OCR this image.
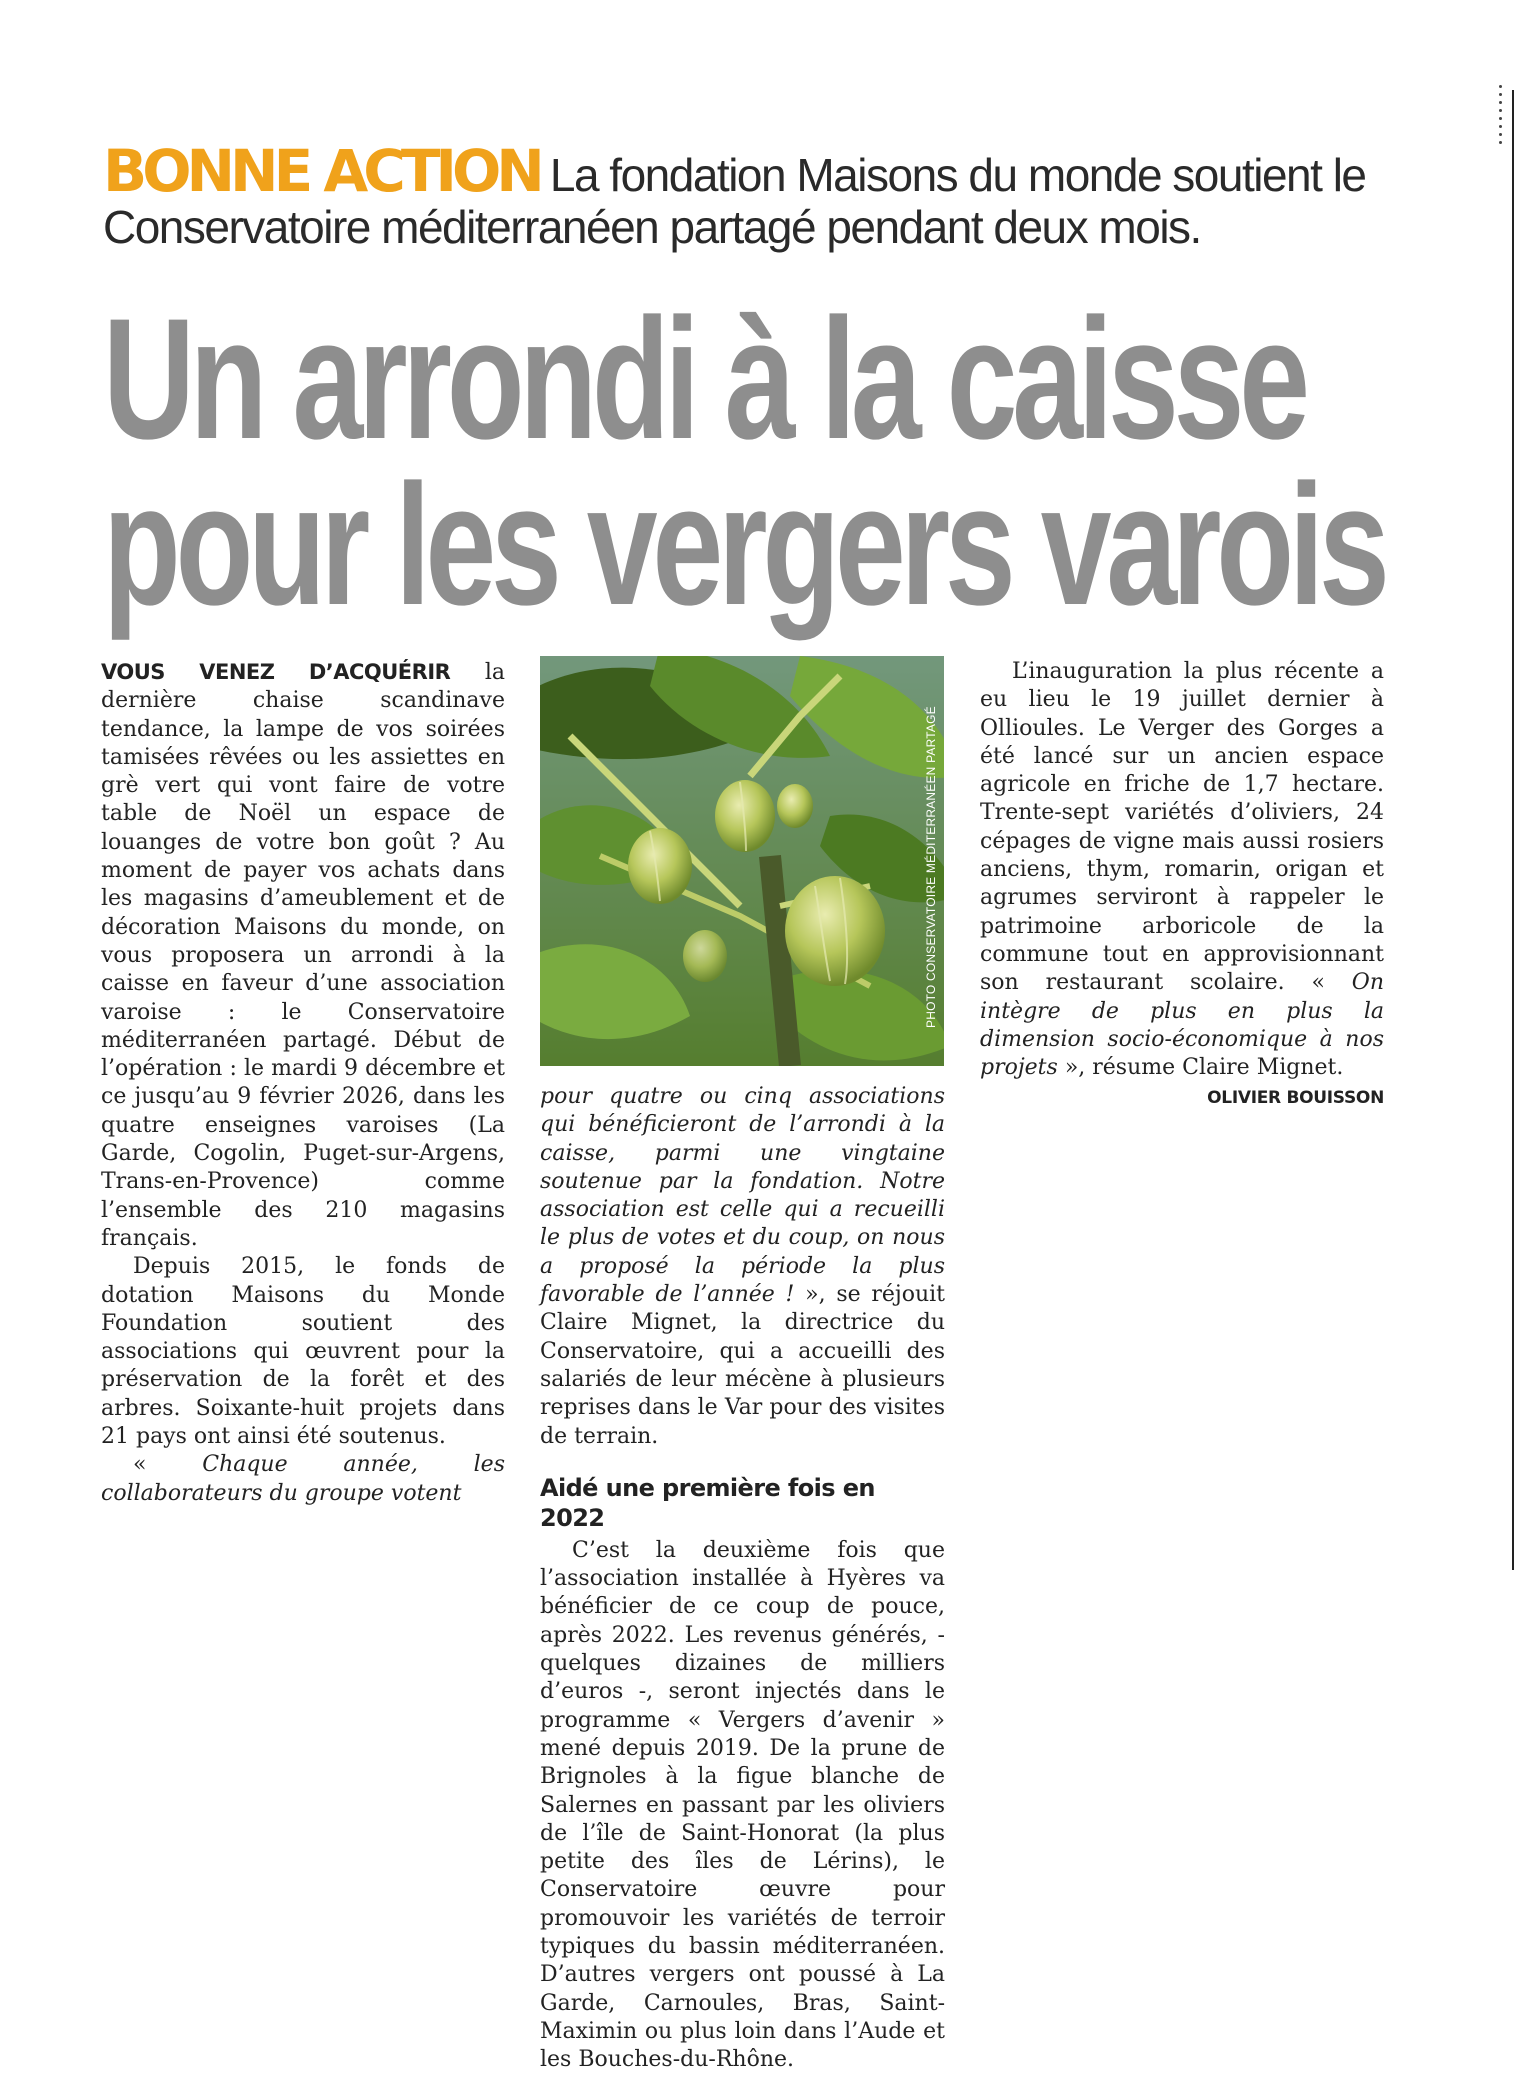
BONNE ACTION La fondation Maisons du monde soutient le Conservatoire méditerranéen partagé pendant deux mois.
Un arrondi à la caisse
pour les vergers varois
PHOTO CONSERVATOIRE MÉDITERRANÉEN PARTAGÉ

VOUS VENEZ D’ACQUÉRIR la dernière chaise scandinave tendance, la lampe de vos soirées tamisées rêvées ou les assiettes en grè vert qui vont faire de votre table de Noël un espace de louanges de votre bon goût ? Au moment de payer vos achats dans les magasins d’ameublement et de décoration Maisons du monde, on vous proposera un arrondi à la caisse en faveur d’une association varoise : le Conservatoire méditerranéen partagé. Début de l’opération : le mardi 9 décembre et ce jusqu’au 9 février 2026, dans les quatre enseignes varoises (La Garde, Cogolin, Puget-sur-Argens, Trans-en-Provence) comme l’ensemble des 210 magasins français.

Depuis 2015, le fonds de dotation Maisons du Monde Foundation soutient des associations qui œuvrent pour la préservation de la forêt et des arbres. Soixante-huit projets dans 21 pays ont ainsi été soutenus.

« Chaque année, les collaborateurs du groupe votent

L’inauguration la plus récente a eu lieu le 19 juillet dernier à Ollioules. Le Verger des Gorges a été lancé sur un ancien espace agricole en friche de 1,7 hectare. Trente-sept variétés d’oliviers, 24 cépages de vigne mais aussi rosiers anciens, thym, romarin, origan et agrumes serviront à rappeler le patrimoine arboricole de la commune tout en approvisionnant son restaurant scolaire. « On intègre de plus en plus la dimension socio-économique à nos projets », résume Claire Mignet.

OLIVIER BOUISSON

pour quatre ou cinq associations qui bénéficieront de l’arrondi à la caisse, parmi une vingtaine soutenue par la fondation. Notre association est celle qui a recueilli le plus de votes et du coup, on nous a proposé la période la plus favorable de l’année ! », se réjouit Claire Mignet, la directrice du Conservatoire, qui a accueilli des salariés de leur mécène à plusieurs reprises dans le Var pour des visites de terrain.

Aidé une première fois en 2022

C’est la deuxième fois que l’association installée à Hyères va bénéficier de ce coup de pouce, après 2022. Les revenus générés, - quelques dizaines de milliers d’euros -, seront injectés dans le programme « Vergers d’avenir » mené depuis 2019. De la prune de Brignoles à la figue blanche de Salernes en passant par les oliviers de l’île de Saint-Honorat (la plus petite des îles de Lérins), le Conservatoire œuvre pour promouvoir les variétés de terroir typiques du bassin méditerranéen. D’autres vergers ont poussé à La Garde, Carnoules, Bras, Saint-Maximin ou plus loin dans l’Aude et les Bouches-du-Rhône.
